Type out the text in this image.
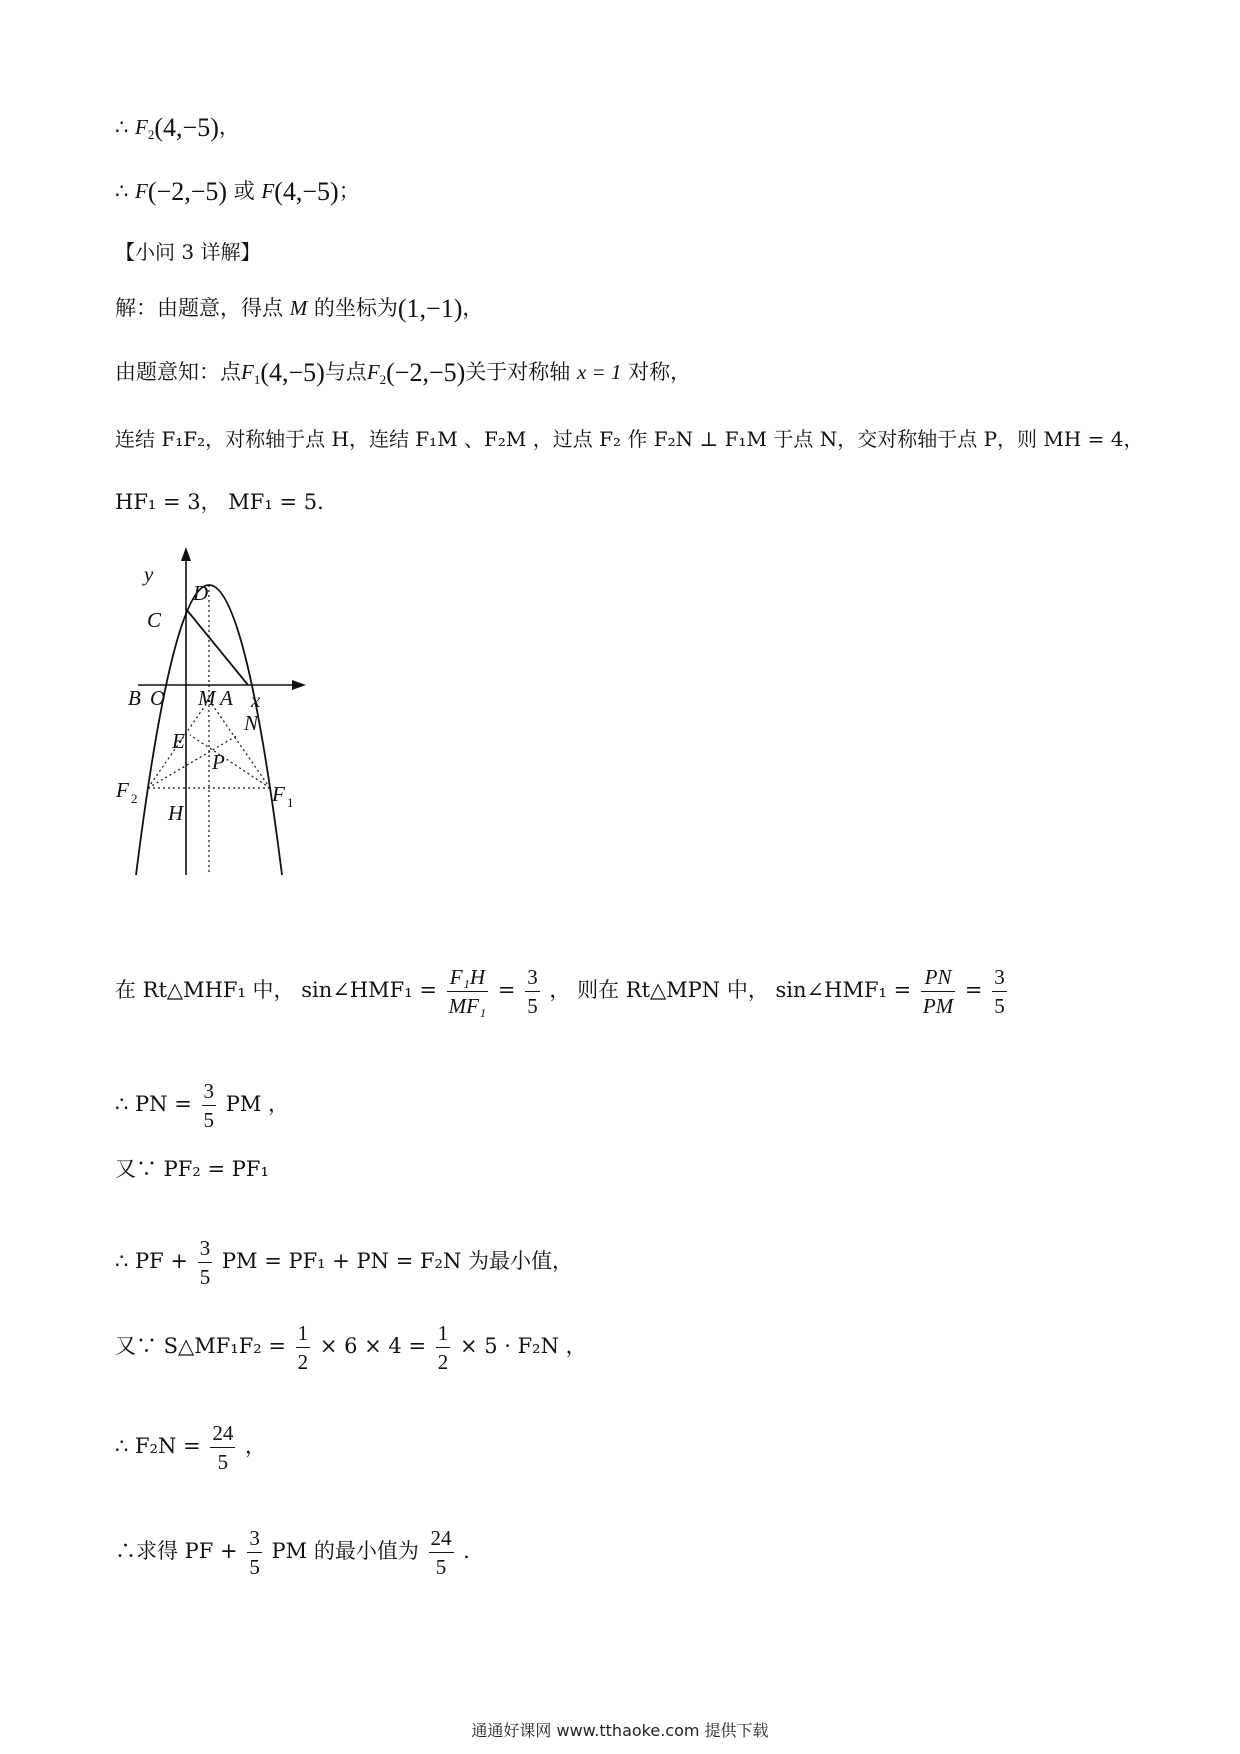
∴ $F_2(4,-5)$，
∴ F(−2,−5) 或 F(4,−5)；
【小问 3 详解】
解：由题意，得点 M 的坐标为(1,−1)，
由题意知：点$F_1(4,-5)$与点$F_2(-2,-5)$关于对称轴 x = 1 对称，
连结 F₁F₂，对称轴于点 H，连结 F₁M 、F₂M ，过点 F₂ 作 F₂N ⊥ F₁M 于点 N，交对称轴于点 P，则 MH = 4，
HF₁ = 3， MF₁ = 5．
y
D
C
B O M A x
E
N
P
F 2	F 1
H
在 Rt△MHF₁ 中， sin∠HMF₁ = $\frac{\text{F₁H}}{\text{MF₁}} = \frac{3}{5}$ ， 则在 Rt△MPN 中， sin∠HMF₁ = $\frac{PN}{PM} = \frac{3}{5}$
∴ PN = $\frac{3}{5}$ PM ，
又∵ PF₂ = PF₁
∴ PF + $\frac{3}{5}$ PM = PF₁ + PN = F₂N 为最小值，
又∵ S△MF₁F₂ = $\frac{1}{2} \times 6 \times 4 = \frac{1}{2} \times 5 \cdot F_2N$ ，
∴ $F_2N = \frac{24}{5}$ ，
∴求得 PF + $\frac{3}{5}$ PM 的最小值为 $\frac{24}{5}$ ．
通通好课网 www.tthaoke.com 提供下载
